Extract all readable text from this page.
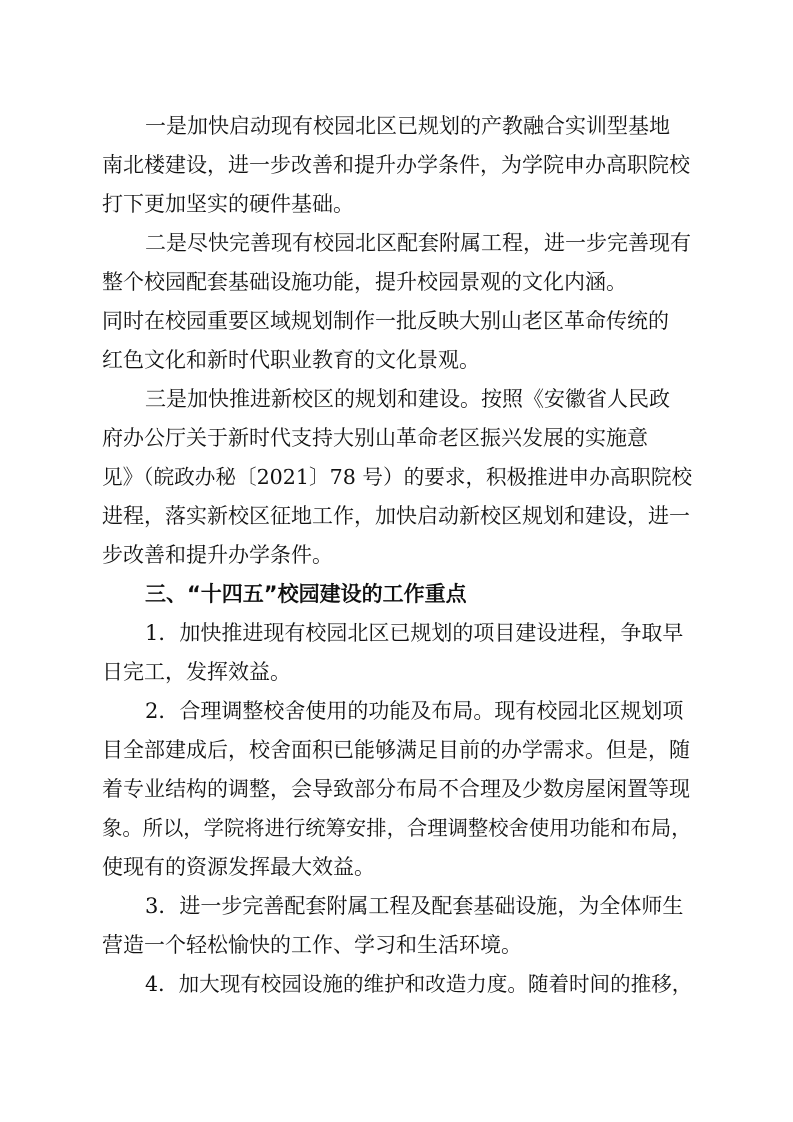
一是加快启动现有校园北区已规划的产教融合实训型基地
南北楼建设，进一步改善和提升办学条件，为学院申办高职院校
打下更加坚实的硬件基础。
二是尽快完善现有校园北区配套附属工程，进一步完善现有
整个校园配套基础设施功能，提升校园景观的文化内涵。
同时在校园重要区域规划制作一批反映大别山老区革命传统的
红色文化和新时代职业教育的文化景观。
三是加快推进新校区的规划和建设。按照《安徽省人民政
府办公厅关于新时代支持大别山革命老区振兴发展的实施意
见》（皖政办秘〔2021〕78 号）的要求，积极推进申办高职院校
进程，落实新校区征地工作，加快启动新校区规划和建设，进一
步改善和提升办学条件。
三、“十四五”校园建设的工作重点
1．加快推进现有校园北区已规划的项目建设进程，争取早
日完工，发挥效益。
2．合理调整校舍使用的功能及布局。现有校园北区规划项
目全部建成后，校舍面积已能够满足目前的办学需求。但是，随
着专业结构的调整，会导致部分布局不合理及少数房屋闲置等现
象。所以，学院将进行统筹安排，合理调整校舍使用功能和布局，
使现有的资源发挥最大效益。
3．进一步完善配套附属工程及配套基础设施，为全体师生
营造一个轻松愉快的工作、学习和生活环境。
4．加大现有校园设施的维护和改造力度。随着时间的推移，
